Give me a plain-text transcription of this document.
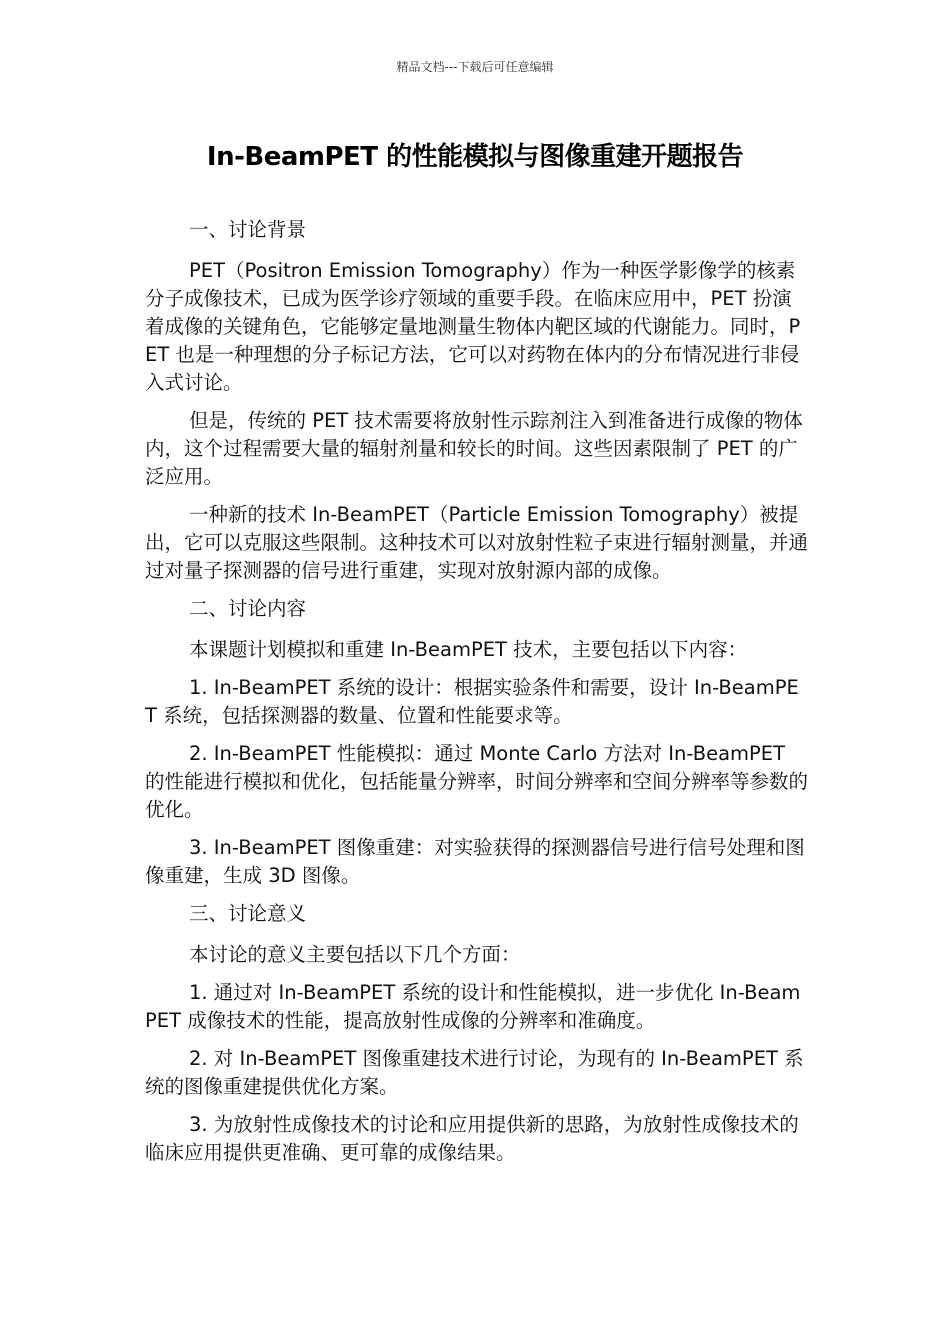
精品文档---下载后可任意编辑
In-BeamPET 的性能模拟与图像重建开题报告

一、讨论背景

PET（Positron Emission Tomography）作为一种医学影像学的核素分子成像技术，已成为医学诊疗领域的重要手段。在临床应用中，PET 扮演着成像的关键角色，它能够定量地测量生物体内靶区域的代谢能力。同时，PET 也是一种理想的分子标记方法，它可以对药物在体内的分布情况进行非侵入式讨论。

但是，传统的 PET 技术需要将放射性示踪剂注入到准备进行成像的物体内，这个过程需要大量的辐射剂量和较长的时间。这些因素限制了 PET 的广泛应用。

一种新的技术 In-BeamPET（Particle Emission Tomography）被提出，它可以克服这些限制。这种技术可以对放射性粒子束进行辐射测量，并通过对量子探测器的信号进行重建，实现对放射源内部的成像。

二、讨论内容

本课题计划模拟和重建 In-BeamPET 技术，主要包括以下内容：

1. In-BeamPET 系统的设计：根据实验条件和需要，设计 In-BeamPET 系统，包括探测器的数量、位置和性能要求等。

2. In-BeamPET 性能模拟：通过 Monte Carlo 方法对 In-BeamPET 的性能进行模拟和优化，包括能量分辨率，时间分辨率和空间分辨率等参数的优化。

3. In-BeamPET 图像重建：对实验获得的探测器信号进行信号处理和图像重建，生成 3D 图像。

三、讨论意义

本讨论的意义主要包括以下几个方面：

1. 通过对 In-BeamPET 系统的设计和性能模拟，进一步优化 In-BeamPET 成像技术的性能，提高放射性成像的分辨率和准确度。

2. 对 In-BeamPET 图像重建技术进行讨论，为现有的 In-BeamPET 系统的图像重建提供优化方案。

3. 为放射性成像技术的讨论和应用提供新的思路，为放射性成像技术的临床应用提供更准确、更可靠的成像结果。
